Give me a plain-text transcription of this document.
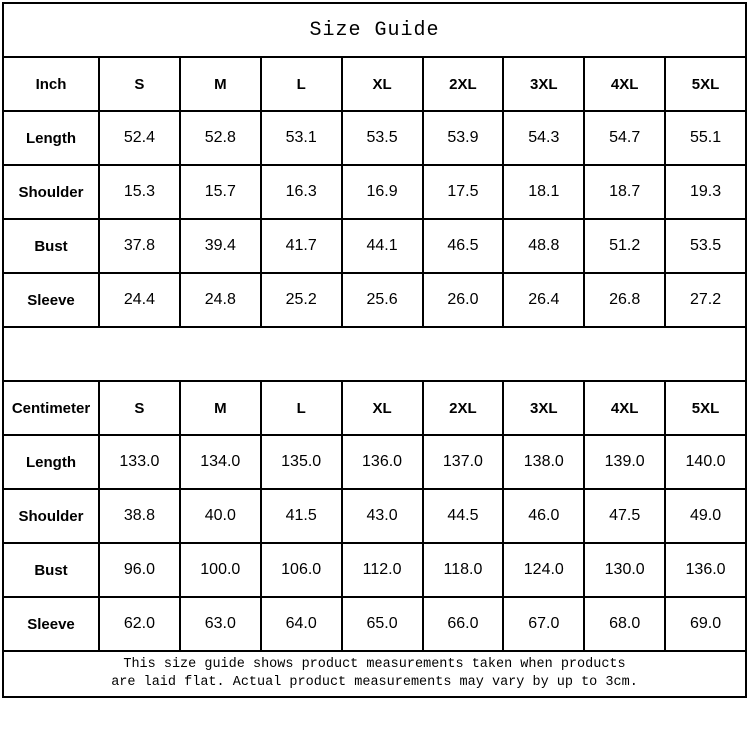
Size Guide								
Inch	S	M	L	XL	2XL	3XL	4XL	5XL
Length	52.4	52.8	53.1	53.5	53.9	54.3	54.7	55.1
Shoulder	15.3	15.7	16.3	16.9	17.5	18.1	18.7	19.3
Bust	37.8	39.4	41.7	44.1	46.5	48.8	51.2	53.5
Sleeve	24.4	24.8	25.2	25.6	26.0	26.4	26.8	27.2

Centimeter	S	M	L	XL	2XL	3XL	4XL	5XL
Length	133.0	134.0	135.0	136.0	137.0	138.0	139.0	140.0
Shoulder	38.8	40.0	41.5	43.0	44.5	46.0	47.5	49.0
Bust	96.0	100.0	106.0	112.0	118.0	124.0	130.0	136.0
Sleeve	62.0	63.0	64.0	65.0	66.0	67.0	68.0	69.0

This size guide shows product measurements taken when products
are laid flat. Actual product measurements may vary by up to 3cm.								
